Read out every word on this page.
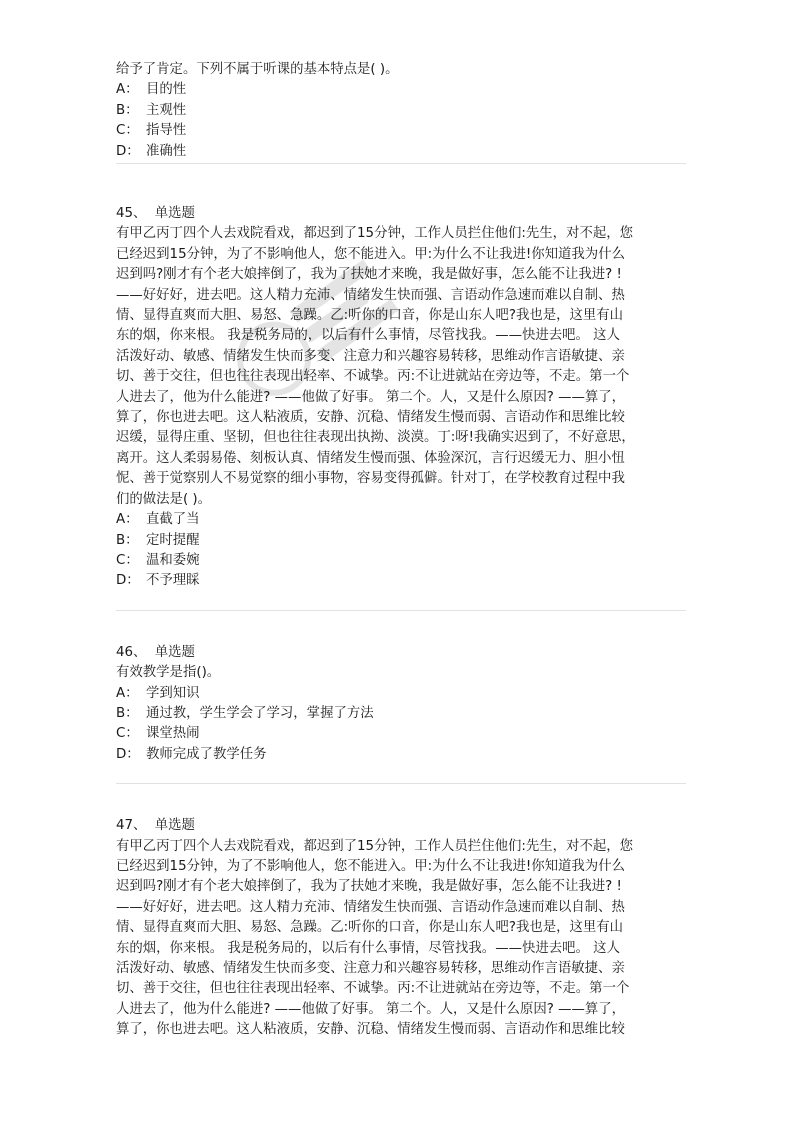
给予了肯定。下列不属于听课的基本特点是( )。

A： 目的性
B： 主观性
C： 指导性
D： 准确性
45、 单选题

有甲乙丙丁四个人去戏院看戏，都迟到了15分钟，工作人员拦住他们:先生，对不起，您

已经迟到15分钟，为了不影响他人，您不能进入。甲:为什么不让我进!你知道我为什么

迟到吗?刚才有个老大娘摔倒了，我为了扶她才来晚，我是做好事，怎么能不让我进? !

——好好好，进去吧。这人精力充沛、情绪发生快而强、言语动作急速而难以自制、热

情、显得直爽而大胆、易怒、急躁。乙:听你的口音，你是山东人吧?我也是，这里有山

东的烟，你来根。 我是税务局的，以后有什么事情，尽管找我。——快进去吧。 这人

活泼好动、敏感、情绪发生快而多变、注意力和兴趣容易转移，思维动作言语敏捷、亲

切、善于交往，但也往往表现出轻率、不诚挚。丙:不让进就站在旁边等，不走。第一个

人进去了，他为什么能进? ——他做了好事。 第二个。人，又是什么原因? ——算了，

算了，你也进去吧。这人粘液质，安静、沉稳、情绪发生慢而弱、言语动作和思维比较

迟缓，显得庄重、坚韧，但也往往表现出执拗、淡漠。丁:呀!我确实迟到了，不好意思，

离开。这人柔弱易倦、刻板认真、情绪发生慢而强、体验深沉，言行迟缓无力、胆小忸

怩、善于觉察别人不易觉察的细小事物，容易变得孤僻。针对丁，在学校教育过程中我

们的做法是( )。

A： 直截了当
B： 定时提醒
C： 温和委婉
D： 不予理睬
46、 单选题

有效教学是指()。

A： 学到知识
B： 通过教，学生学会了学习，掌握了方法
C： 课堂热闹
D： 教师完成了教学任务
47、 单选题

有甲乙丙丁四个人去戏院看戏，都迟到了15分钟，工作人员拦住他们:先生，对不起，您

已经迟到15分钟，为了不影响他人，您不能进入。甲:为什么不让我进!你知道我为什么

迟到吗?刚才有个老大娘摔倒了，我为了扶她才来晚，我是做好事，怎么能不让我进? !

——好好好，进去吧。这人精力充沛、情绪发生快而强、言语动作急速而难以自制、热

情、显得直爽而大胆、易怒、急躁。乙:听你的口音，你是山东人吧?我也是，这里有山

东的烟，你来根。 我是税务局的，以后有什么事情，尽管找我。——快进去吧。 这人

活泼好动、敏感、情绪发生快而多变、注意力和兴趣容易转移，思维动作言语敏捷、亲

切、善于交往，但也往往表现出轻率、不诚挚。丙:不让进就站在旁边等，不走。第一个

人进去了，他为什么能进? ——他做了好事。 第二个。人，又是什么原因? ——算了，

算了，你也进去吧。这人粘液质，安静、沉稳、情绪发生慢而弱、言语动作和思维比较
